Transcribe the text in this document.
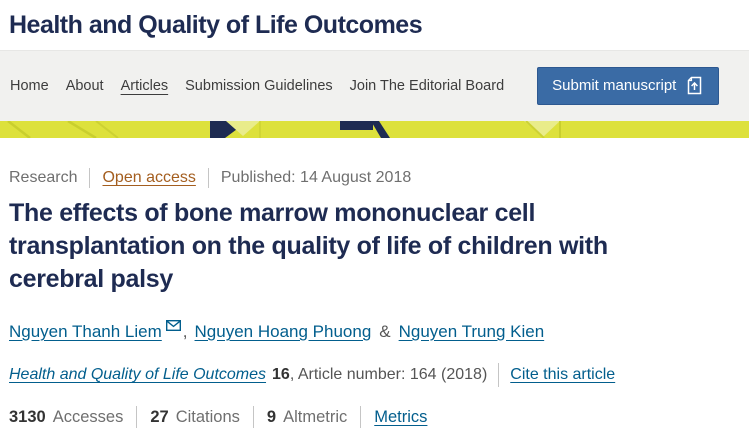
Health and Quality of Life Outcomes
Home About Articles Submission Guidelines Join The Editorial Board	Submit manuscript
Research Open access Published: 14 August 2018
The effects of bone marrow mononuclear cell
transplantation on the quality of life of children with
cerebral palsy
Nguyen Thanh Liem , Nguyen Hoang Phuong & Nguyen Trung Kien
Health and Quality of Life Outcomes 16 , Article number: 164 (2018) Cite this article
3130 Accesses 27 Citations 9 Altmetric Metrics
